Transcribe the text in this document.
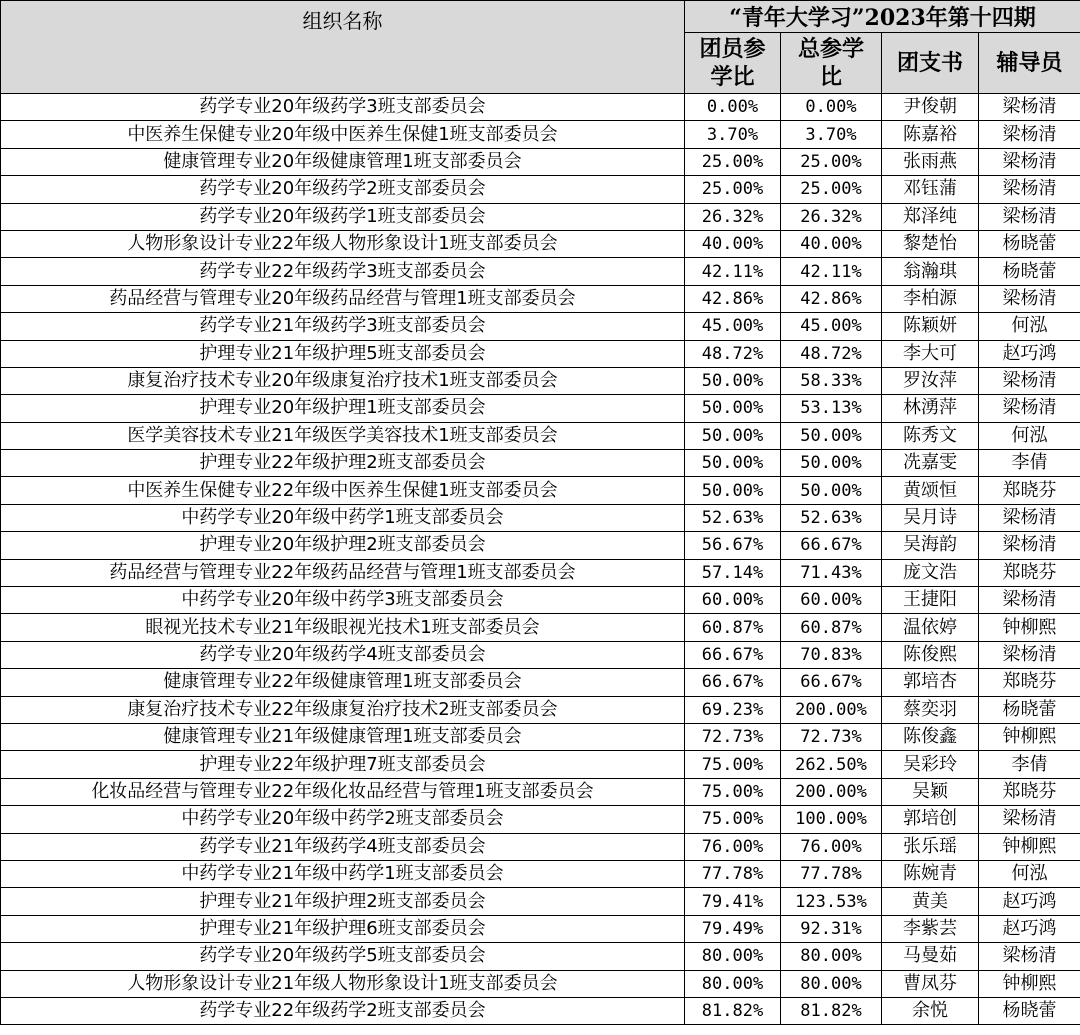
组织名称	“青年大学习”2023年第十四期			

	团员参学比	总参学比	团支书	辅导员
药学专业20年级药学3班支部委员会	0.00%	0.00%	尹俊朝	梁杨清
中医养生保健专业20年级中医养生保健1班支部委员会	3.70%	3.70%	陈嘉裕	梁杨清
健康管理专业20年级健康管理1班支部委员会	25.00%	25.00%	张雨燕	梁杨清
药学专业20年级药学2班支部委员会	25.00%	25.00%	邓钰蒲	梁杨清
药学专业20年级药学1班支部委员会	26.32%	26.32%	郑泽纯	梁杨清
人物形象设计专业22年级人物形象设计1班支部委员会	40.00%	40.00%	黎楚怡	杨晓蕾
药学专业22年级药学3班支部委员会	42.11%	42.11%	翁瀚琪	杨晓蕾
药品经营与管理专业20年级药品经营与管理1班支部委员会	42.86%	42.86%	李柏源	梁杨清
药学专业21年级药学3班支部委员会	45.00%	45.00%	陈颖妍	何泓
护理专业21年级护理5班支部委员会	48.72%	48.72%	李大可	赵巧鸿
康复治疗技术专业20年级康复治疗技术1班支部委员会	50.00%	58.33%	罗汝萍	梁杨清
护理专业20年级护理1班支部委员会	50.00%	53.13%	林湧萍	梁杨清
医学美容技术专业21年级医学美容技术1班支部委员会	50.00%	50.00%	陈秀文	何泓
护理专业22年级护理2班支部委员会	50.00%	50.00%	冼嘉雯	李倩
中医养生保健专业22年级中医养生保健1班支部委员会	50.00%	50.00%	黄颂恒	郑晓芬
中药学专业20年级中药学1班支部委员会	52.63%	52.63%	吴月诗	梁杨清
护理专业20年级护理2班支部委员会	56.67%	66.67%	吴海韵	梁杨清
药品经营与管理专业22年级药品经营与管理1班支部委员会	57.14%	71.43%	庞文浩	郑晓芬
中药学专业20年级中药学3班支部委员会	60.00%	60.00%	王捷阳	梁杨清
眼视光技术专业21年级眼视光技术1班支部委员会	60.87%	60.87%	温依婷	钟柳熙
药学专业20年级药学4班支部委员会	66.67%	70.83%	陈俊熙	梁杨清
健康管理专业22年级健康管理1班支部委员会	66.67%	66.67%	郭培杏	郑晓芬
康复治疗技术专业22年级康复治疗技术2班支部委员会	69.23%	200.00%	蔡奕羽	杨晓蕾
健康管理专业21年级健康管理1班支部委员会	72.73%	72.73%	陈俊鑫	钟柳熙
护理专业22年级护理7班支部委员会	75.00%	262.50%	吴彩玲	李倩
化妆品经营与管理专业22年级化妆品经营与管理1班支部委员会	75.00%	200.00%	吴颖	郑晓芬
中药学专业20年级中药学2班支部委员会	75.00%	100.00%	郭培创	梁杨清
药学专业21年级药学4班支部委员会	76.00%	76.00%	张乐瑶	钟柳熙
中药学专业21年级中药学1班支部委员会	77.78%	77.78%	陈婉青	何泓
护理专业21年级护理2班支部委员会	79.41%	123.53%	黄美	赵巧鸿
护理专业21年级护理6班支部委员会	79.49%	92.31%	李紫芸	赵巧鸿
药学专业20年级药学5班支部委员会	80.00%	80.00%	马曼茹	梁杨清
人物形象设计专业21年级人物形象设计1班支部委员会	80.00%	80.00%	曹凤芬	钟柳熙
药学专业22年级药学2班支部委员会	81.82%	81.82%	余悦	杨晓蕾
